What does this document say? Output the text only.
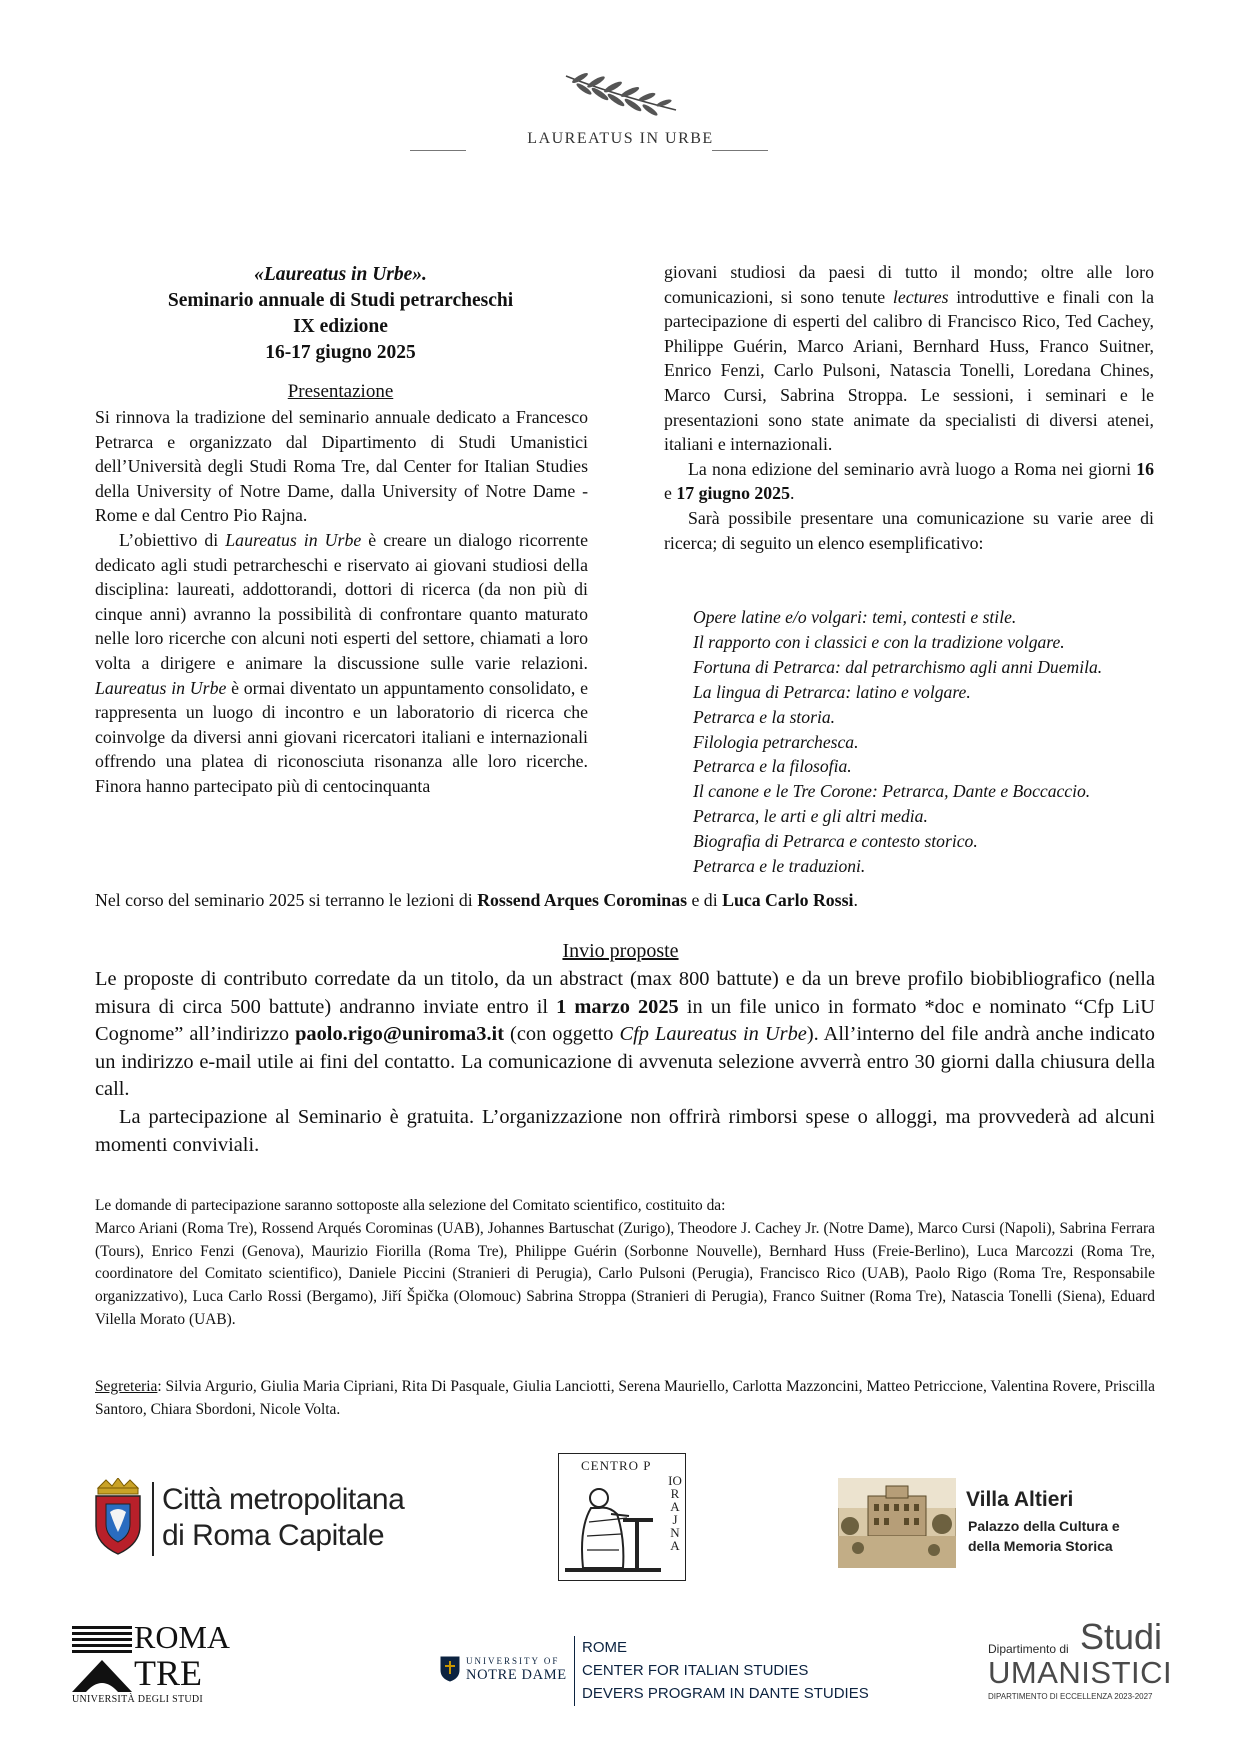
LAUREATUS IN URBE
«Laureatus in Urbe».
Seminario annuale di Studi petrarcheschi
IX edizione
16-17 giugno 2025
Presentazione

Si rinnova la tradizione del seminario annuale dedicato a Francesco Petrarca e organizzato dal Dipartimento di Studi Umanistici dell’Università degli Studi Roma Tre, dal Center for Italian Studies della University of Notre Dame, dalla University of Notre Dame - Rome e dal Centro Pio Rajna.

L’obiettivo di Laureatus in Urbe è creare un dialogo ricorrente dedicato agli studi petrarcheschi e riservato ai giovani studiosi della disciplina: laureati, addottorandi, dottori di ricerca (da non più di cinque anni) avranno la possibilità di confrontare quanto maturato nelle loro ricerche con alcuni noti esperti del settore, chiamati a loro volta a dirigere e animare la discussione sulle varie relazioni. Laureatus in Urbe è ormai diventato un appuntamento consolidato, e rappresenta un luogo di incontro e un laboratorio di ricerca che coinvolge da diversi anni giovani ricercatori italiani e internazionali offrendo una platea di riconosciuta risonanza alle loro ricerche. Finora hanno partecipato più di centocinquanta

giovani studiosi da paesi di tutto il mondo; oltre alle loro comunicazioni, si sono tenute lectures introduttive e finali con la partecipazione di esperti del calibro di Francisco Rico, Ted Cachey, Philippe Guérin, Marco Ariani, Bernhard Huss, Franco Suitner, Enrico Fenzi, Carlo Pulsoni, Natascia Tonelli, Loredana Chines, Marco Cursi, Sabrina Stroppa. Le sessioni, i seminari e le presentazioni sono state animate da specialisti di diversi atenei, italiani e internazionali.

La nona edizione del seminario avrà luogo a Roma nei giorni 16 e 17 giugno 2025.

Sarà possibile presentare una comunicazione su varie aree di ricerca; di seguito un elenco esemplificativo:

Opere latine e/o volgari: temi, contesti e stile.
Il rapporto con i classici e con la tradizione volgare.
Fortuna di Petrarca: dal petrarchismo agli anni Duemila.
La lingua di Petrarca: latino e volgare.
Petrarca e la storia.
Filologia petrarchesca.
Petrarca e la filosofia.
Il canone e le Tre Corone: Petrarca, Dante e Boccaccio.
Petrarca, le arti e gli altri media.
Biografia di Petrarca e contesto storico.
Petrarca e le traduzioni.
Nel corso del seminario 2025 si terranno le lezioni di Rossend Arques Corominas e di Luca Carlo Rossi.
Invio proposte

Le proposte di contributo corredate da un titolo, da un abstract (max 800 battute) e da un breve profilo biobibliografico (nella misura di circa 500 battute) andranno inviate entro il 1 marzo 2025 in un file unico in formato *doc e nominato “Cfp LiU Cognome” all’indirizzo paolo.rigo@uniroma3.it (con oggetto Cfp Laureatus in Urbe). All’interno del file andrà anche indicato un indirizzo e-mail utile ai fini del contatto. La comunicazione di avvenuta selezione avverrà entro 30 giorni dalla chiusura della call.

La partecipazione al Seminario è gratuita. L’organizzazione non offrirà rimborsi spese o alloggi, ma provvederà ad alcuni momenti conviviali.

Le domande di partecipazione saranno sottoposte alla selezione del Comitato scientifico, costituito da:
Marco Ariani (Roma Tre), Rossend Arqués Corominas (UAB), Johannes Bartuschat (Zurigo), Theodore J. Cachey Jr. (Notre Dame), Marco Cursi (Napoli), Sabrina Ferrara (Tours), Enrico Fenzi (Genova), Maurizio Fiorilla (Roma Tre), Philippe Guérin (Sorbonne Nouvelle), Bernhard Huss (Freie-Berlino), Luca Marcozzi (Roma Tre, coordinatore del Comitato scientifico), Daniele Piccini (Stranieri di Perugia), Carlo Pulsoni (Perugia), Francisco Rico (UAB), Paolo Rigo (Roma Tre, Responsabile organizzativo), Luca Carlo Rossi (Bergamo), Jiří Špička (Olomouc) Sabrina Stroppa (Stranieri di Perugia), Franco Suitner (Roma Tre), Natascia Tonelli (Siena), Eduard Vilella Morato (UAB).
Segreteria: Silvia Argurio, Giulia Maria Cipriani, Rita Di Pasquale, Giulia Lanciotti, Serena Mauriello, Carlotta Mazzoncini, Matteo Petriccione, Valentina Rovere, Priscilla Santoro, Chiara Sbordoni, Nicole Volta.
Città metropolitana
di Roma Capitale
CENTRO P
IO RAJNA
Villa Altieri
Palazzo della Cultura e
della Memoria Storica
ROMA
TRE
UNIVERSITÀ DEGLI STUDI
UNIVERSITY OF
NOTRE DAME
ROME
CENTER FOR ITALIAN STUDIES
DEVERS PROGRAM IN DANTE STUDIES
Dipartimento di Studi
UMANISTICI
DIPARTIMENTO DI ECCELLENZA 2023-2027
